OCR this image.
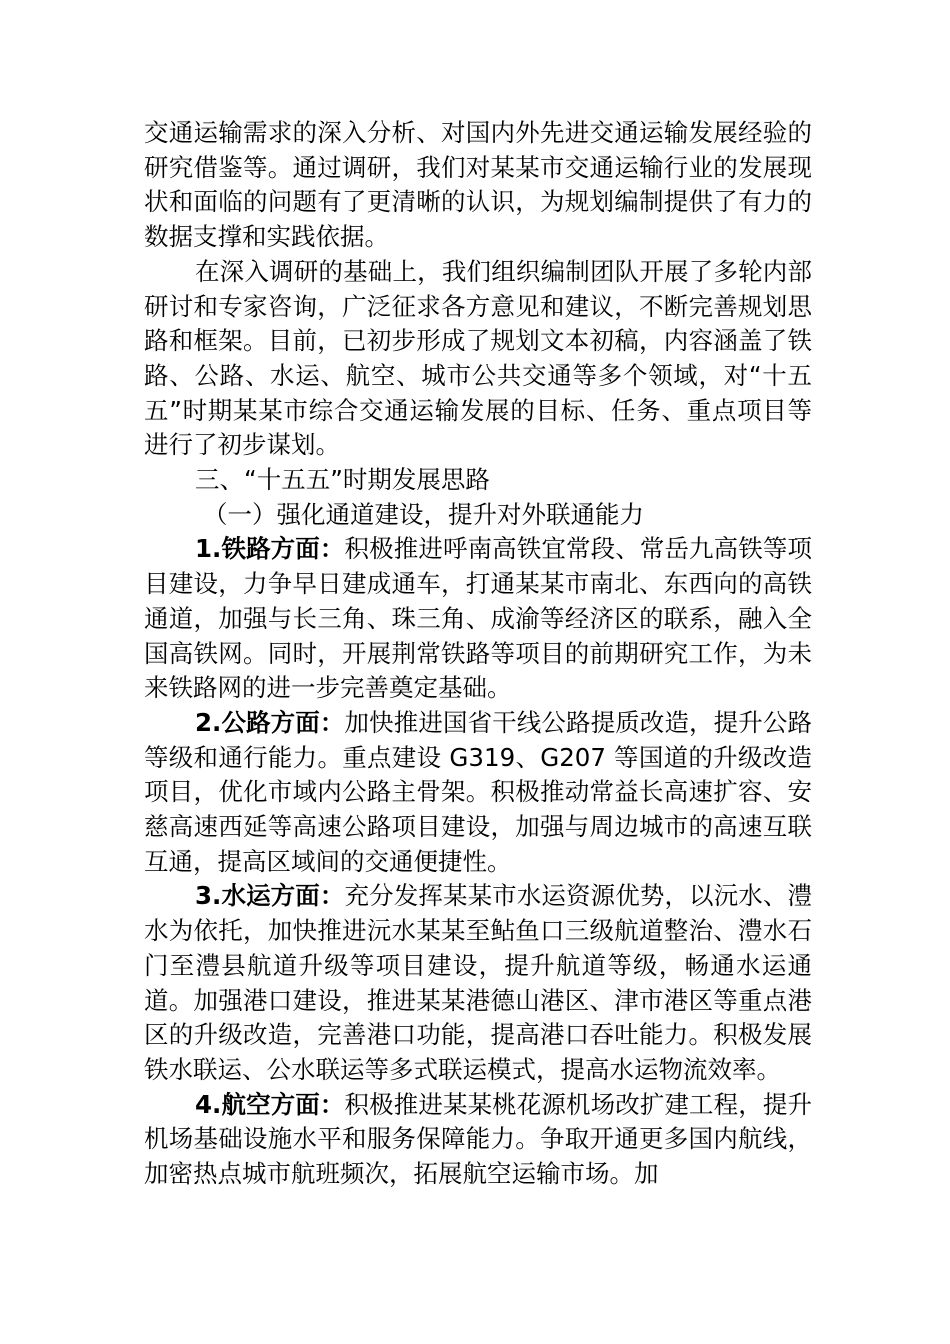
交通运输需求的深入分析、对国内外先进交通运输发展经验的研究借鉴等。通过调研，我们对某某市交通运输行业的发展现状和面临的问题有了更清晰的认识，为规划编制提供了有力的数据支撑和实践依据。

在深入调研的基础上，我们组织编制团队开展了多轮内部研讨和专家咨询，广泛征求各方意见和建议，不断完善规划思路和框架。目前，已初步形成了规划文本初稿，内容涵盖了铁路、公路、水运、航空、城市公共交通等多个领域，对“十五五”时期某某市综合交通运输发展的目标、任务、重点项目等进行了初步谋划。

三、“十五五”时期发展思路

（一）强化通道建设，提升对外联通能力

1.铁路方面：积极推进呼南高铁宜常段、常岳九高铁等项目建设，力争早日建成通车，打通某某市南北、东西向的高铁通道，加强与长三角、珠三角、成渝等经济区的联系，融入全国高铁网。同时，开展荆常铁路等项目的前期研究工作，为未来铁路网的进一步完善奠定基础。

2.公路方面：加快推进国省干线公路提质改造，提升公路等级和通行能力。重点建设 G319、G207 等国道的升级改造项目，优化市域内公路主骨架。积极推动常益长高速扩容、安慈高速西延等高速公路项目建设，加强与周边城市的高速互联互通，提高区域间的交通便捷性。

3.水运方面：充分发挥某某市水运资源优势，以沅水、澧水为依托，加快推进沅水某某至鲇鱼口三级航道整治、澧水石门至澧县航道升级等项目建设，提升航道等级，畅通水运通道。加强港口建设，推进某某港德山港区、津市港区等重点港区的升级改造，完善港口功能，提高港口吞吐能力。积极发展铁水联运、公水联运等多式联运模式，提高水运物流效率。

4.航空方面：积极推进某某桃花源机场改扩建工程，提升机场基础设施水平和服务保障能力。争取开通更多国内航线，加密热点城市航班频次，拓展航空运输市场。加
